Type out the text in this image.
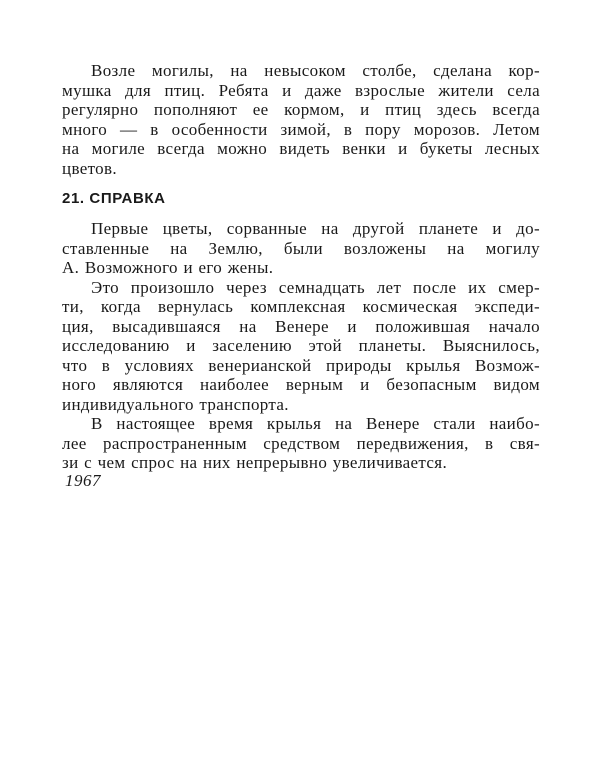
Возле могилы, на невысоком столбе, сделана кор-
мушка для птиц. Ребята и даже взрослые жители села
регулярно пополняют ее кормом, и птиц здесь всегда
много — в особенности зимой, в пору морозов. Летом
на могиле всегда можно видеть венки и букеты лесных
цветов.
21. СПРАВКА
Первые цветы, сорванные на другой планете и до-
ставленные на Землю, были возложены на могилу
А. Возможного и его жены.
Это произошло через семнадцать лет после их смер-
ти, когда вернулась комплексная космическая экспеди-
ция, высадившаяся на Венере и положившая начало
исследованию и заселению этой планеты. Выяснилось,
что в условиях венерианской природы крылья Возмож-
ного являются наиболее верным и безопасным видом
индивидуального транспорта.
В настоящее время крылья на Венере стали наибо-
лее распространенным средством передвижения, в свя-
зи с чем спрос на них непрерывно увеличивается.
1967
